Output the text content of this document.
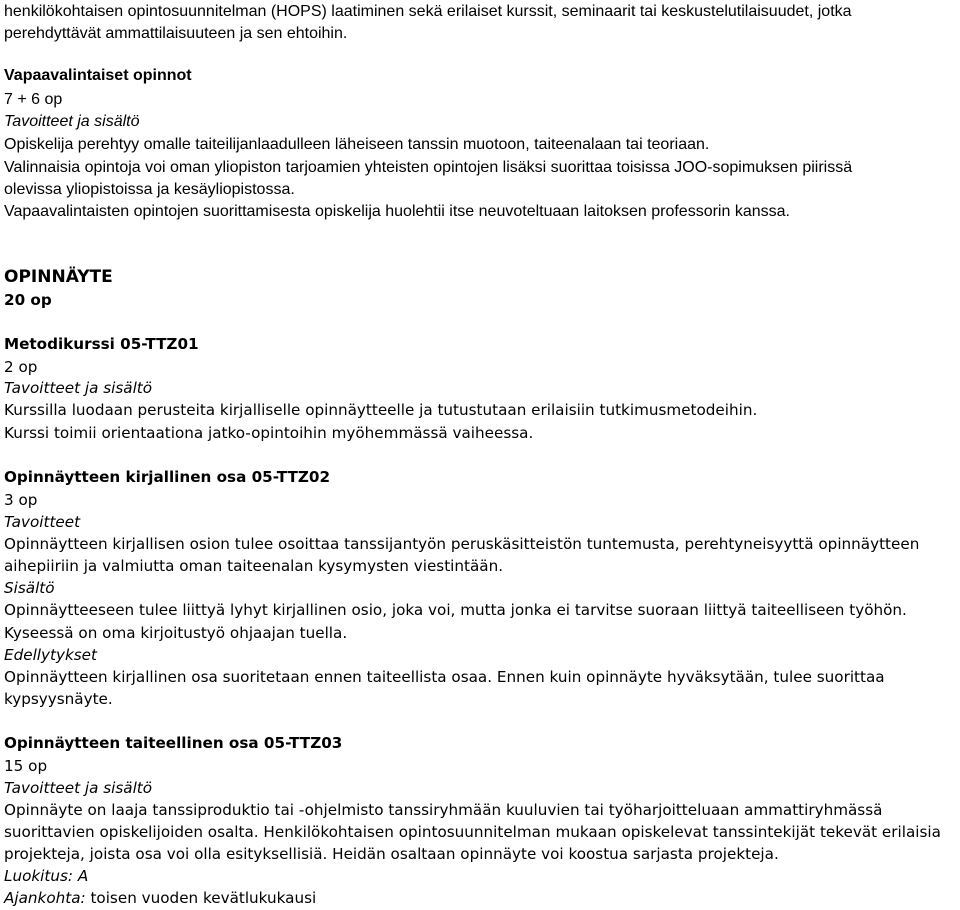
henkilökohtaisen opintosuunnitelman (HOPS) laatiminen sekä erilaiset kurssit, seminaarit tai keskustelutilaisuudet, jotka
perehdyttävät ammattilaisuuteen ja sen ehtoihin.
Vapaavalintaiset opinnot
7 + 6 op
Tavoitteet ja sisältö
Opiskelija perehtyy omalle taiteilijanlaadulleen läheiseen tanssin muotoon, taiteenalaan tai teoriaan.
Valinnaisia opintoja voi oman yliopiston tarjoamien yhteisten opintojen lisäksi suorittaa toisissa JOO-sopimuksen piirissä
olevissa yliopistoissa ja kesäyliopistossa.
Vapaavalintaisten opintojen suorittamisesta opiskelija huolehtii itse neuvoteltuaan laitoksen professorin kanssa.
OPINNÄYTE
20 op
Metodikurssi 05-TTZ01
2 op
Tavoitteet ja sisältö
Kurssilla luodaan perusteita kirjalliselle opinnäytteelle ja tutustutaan erilaisiin tutkimusmetodeihin.
Kurssi toimii orientaationa jatko-opintoihin myöhemmässä vaiheessa.
Opinnäytteen kirjallinen osa 05-TTZ02
3 op
Tavoitteet
Opinnäytteen kirjallisen osion tulee osoittaa tanssijantyön peruskäsitteistön tuntemusta, perehtyneisyyttä opinnäytteen
aihepiiriin ja valmiutta oman taiteenalan kysymysten viestintään.
Sisältö
Opinnäytteeseen tulee liittyä lyhyt kirjallinen osio, joka voi, mutta jonka ei tarvitse suoraan liittyä taiteelliseen työhön.
Kyseessä on oma kirjoitustyö ohjaajan tuella.
Edellytykset
Opinnäytteen kirjallinen osa suoritetaan ennen taiteellista osaa. Ennen kuin opinnäyte hyväksytään, tulee suorittaa
kypsyysnäyte.
Opinnäytteen taiteellinen osa 05-TTZ03
15 op
Tavoitteet ja sisältö
Opinnäyte on laaja tanssiproduktio tai -ohjelmisto tanssiryhmään kuuluvien tai työharjoitteluaan ammattiryhmässä
suorittavien opiskelijoiden osalta. Henkilökohtaisen opintosuunnitelman mukaan opiskelevat tanssintekijät tekevät erilaisia
projekteja, joista osa voi olla esityksellisiä. Heidän osaltaan opinnäyte voi koostua sarjasta projekteja.
Luokitus: A
Ajankohta: toisen vuoden kevätlukukausi
